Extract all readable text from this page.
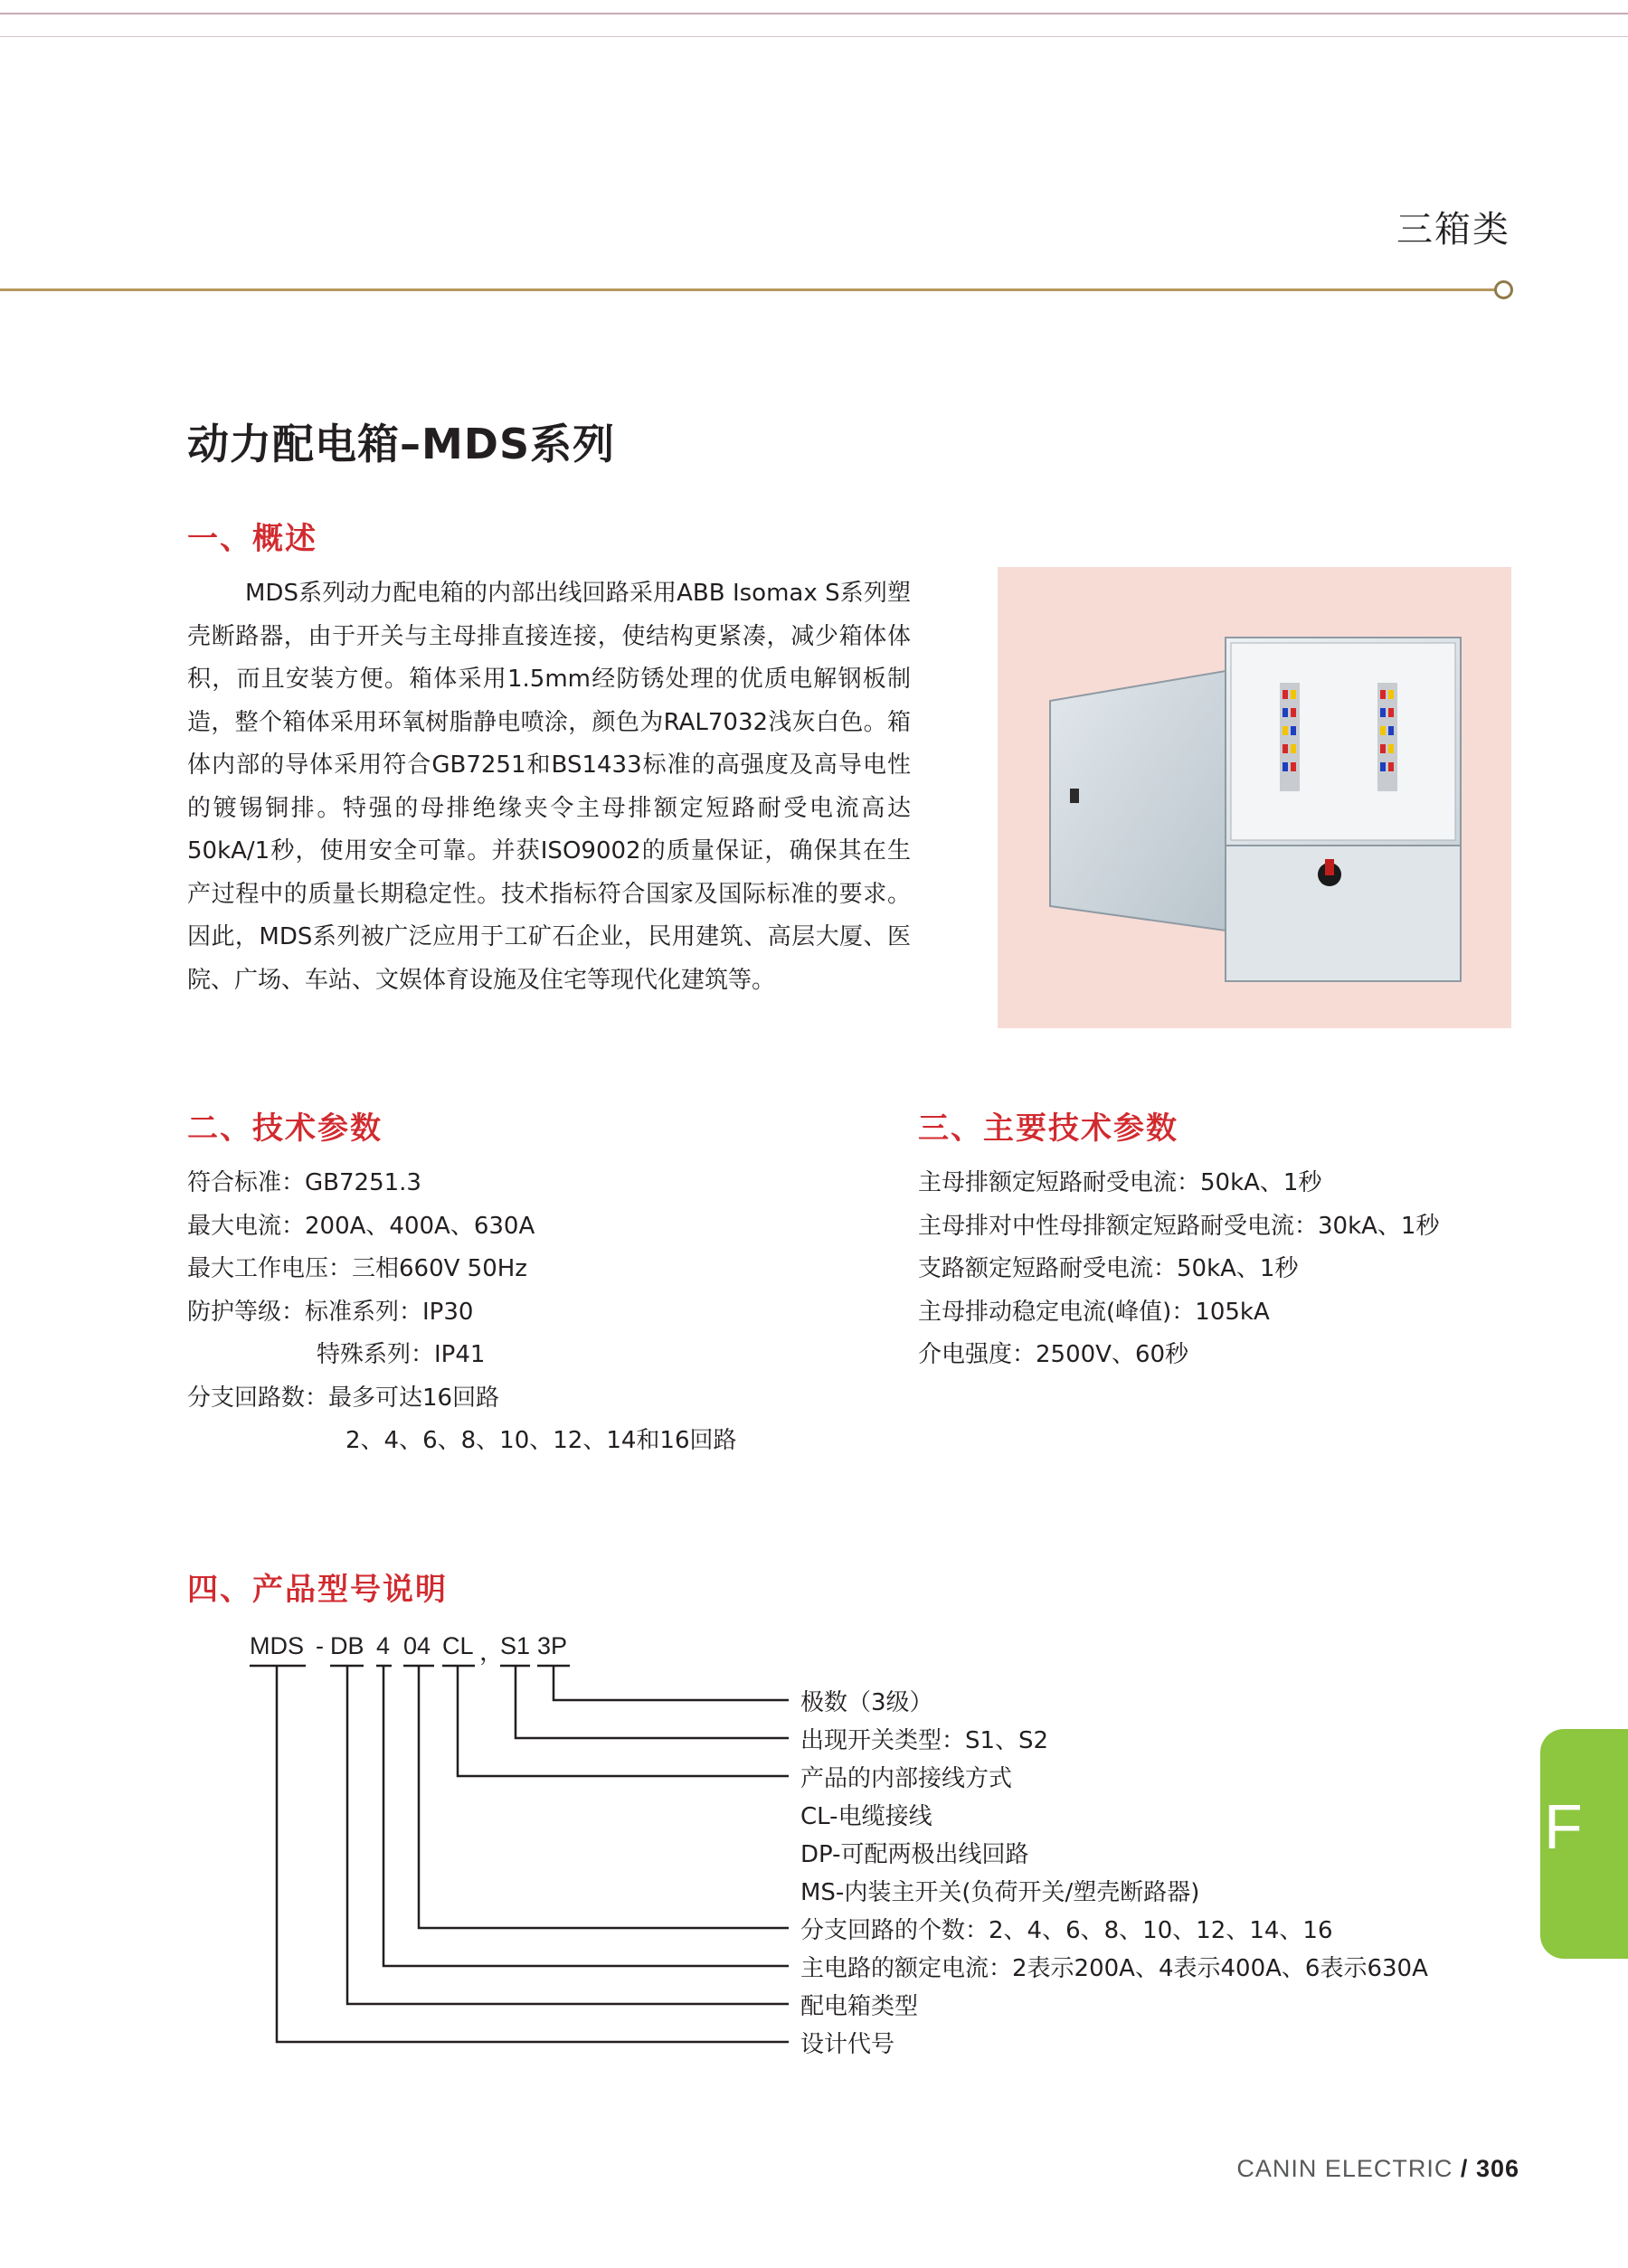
三箱类
动力配电箱–MDS系列
一、概述

MDS系列动力配电箱的内部出线回路采用ABB Isomax S系列塑壳断路器，由于开关与主母排直接连接，使结构更紧凑，减少箱体体积，而且安装方便。箱体采用1.5mm经防锈处理的优质电解钢板制造，整个箱体采用环氧树脂静电喷涂，颜色为RAL7032浅灰白色。箱体内部的导体采用符合GB7251和BS1433标准的高强度及高导电性的镀锡铜排。特强的母排绝缘夹令主母排额定短路耐受电流高达50kA/1秒，使用安全可靠。并获ISO9002的质量保证，确保其在生产过程中的质量长期稳定性。技术指标符合国家及国际标准的要求。因此，MDS系列被广泛应用于工矿石企业，民用建筑、高层大厦、医院、广场、车站、文娱体育设施及住宅等现代化建筑等。

二、技术参数
符合标准：GB7251.3
最大电流：200A、400A、630A
最大工作电压：三相660V 50Hz
防护等级：标准系列：IP30
特殊系列：IP41
分支回路数：最多可达16回路
2、4、6、8、10、12、14和16回路
三、主要技术参数
主母排额定短路耐受电流：50kA、1秒
主母排对中性母排额定短路耐受电流：30kA、1秒
支路额定短路耐受电流：50kA、1秒
主母排动稳定电流(峰值)：105kA
介电强度：2500V、60秒
四、产品型号说明
MDS - DB 4 04 CL ，
S1 3P
极数（3级）
出现开关类型：S1、S2
产品的内部接线方式
CL-电缆接线
DP-可配两极出线回路
MS-内装主开关(负荷开关/塑壳断路器)
分支回路的个数：2、4、6、8、10、12、14、16
主电路的额定电流：2表示200A、4表示400A、6表示630A
配电箱类型
设计代号
F
CANIN ELECTRIC / 306
